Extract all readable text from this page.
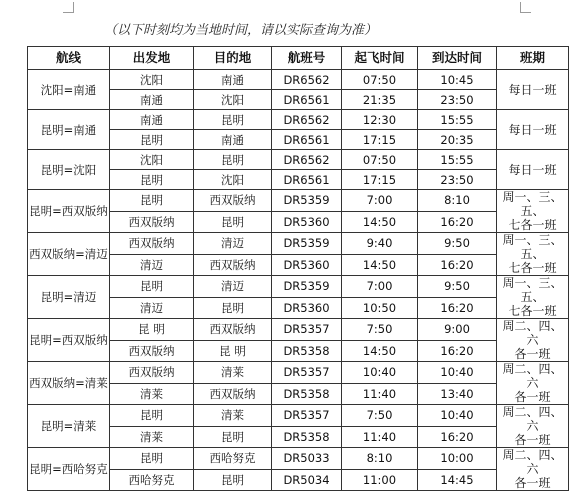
（以下时刻均为当地时间，请以实际查询为准）
航线	出发地	目的地	航班号	起飞时间	到达时间	班期
沈阳=南通	沈阳	南通	DR6562	07:50	10:45	每日一班

	南通	沈阳	DR6561	21:35	23:50	
昆明=南通	南通	昆明	DR6562	12:30	15:55	每日一班

	昆明	南通	DR6561	17:15	20:35	
昆明=沈阳	沈阳	昆明	DR6562	07:50	15:55	每日一班

	昆明	沈阳	DR6561	17:15	23:50	
昆明=西双版纳	昆明	西双版纳	DR5359	7:00	8:10	周一、三、五、
七各一班

	西双版纳	昆明	DR5360	14:50	16:20	
西双版纳=清迈	西双版纳	清迈	DR5359	9:40	9:50	周一、三、五、
七各一班

	清迈	西双版纳	DR5360	14:50	16:20	
昆明=清迈	昆明	清迈	DR5359	7:00	9:50	周一、三、五、
七各一班

	清迈	昆明	DR5360	10:50	16:20	
昆明=西双版纳	昆 明	西双版纳	DR5357	7:50	9:00	周二、四、六
各一班

	西双版纳	昆 明	DR5358	14:50	16:20	
西双版纳=清莱	西双版纳	清莱	DR5357	10:40	10:40	周二、四、六
各一班

	清莱	西双版纳	DR5358	11:40	13:40	
昆明=清莱	昆明	清莱	DR5357	7:50	10:40	周二、四、六
各一班

	清莱	昆明	DR5358	11:40	16:20	
昆明=西哈努克	昆明	西哈努克	DR5033	8:10	10:00	周二、四、六
各一班

	西哈努克	昆明	DR5034	11:00	14:45	
